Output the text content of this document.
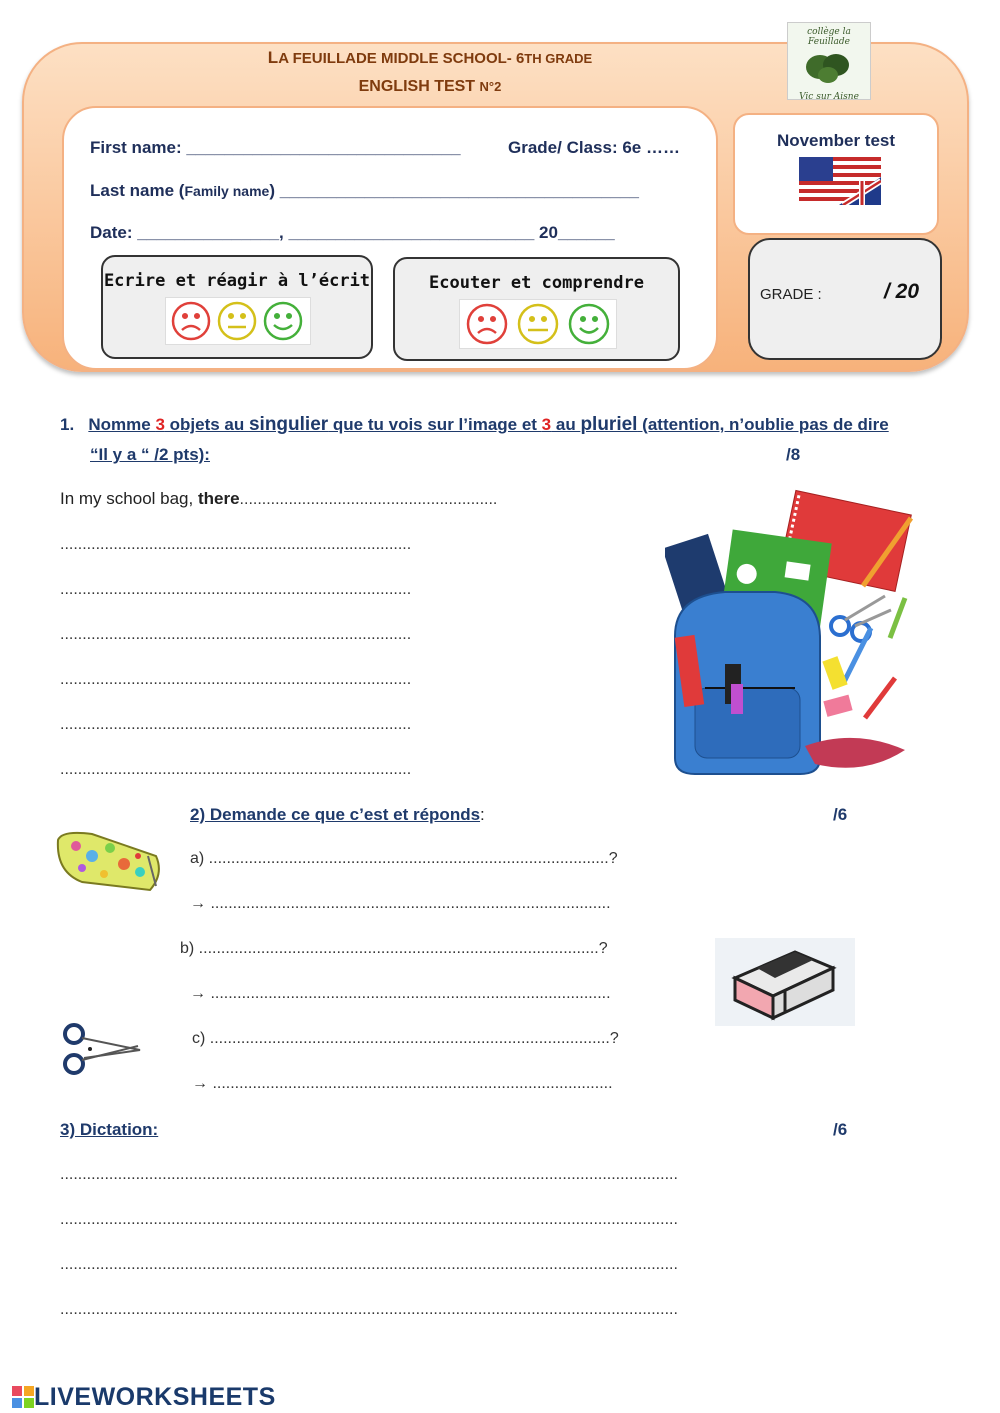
LA FEUILLADE MIDDLE SCHOOL- 6TH GRADE
ENGLISH TEST N°2
collège la Feuillade
Vic sur Aisne
First name: _____________________________	Grade/ Class: 6e ……
Last name (Family name) ______________________________________
Date: _______________, __________________________ 20______
Ecrire et réagir à l’écrit	Ecouter et comprendre
November test
GRADE :	/ 20
1. Nomme 3 objets au singulier que tu vois sur l’image et 3 au pluriel (attention, n’oublie pas de dire
“Il y a “ /2 pts):	/8
In my school bag, there..........................................................
...............................................................................
...............................................................................
...............................................................................
...............................................................................
...............................................................................
...............................................................................
2) Demande ce que c’est et réponds:	/6
a) ..........................................................................................?
→ ..........................................................................................
b) ..........................................................................................?
→ ..........................................................................................
c) ..........................................................................................?
→ ..........................................................................................
3) Dictation:	/6
...........................................................................................................................................
...........................................................................................................................................
...........................................................................................................................................
...........................................................................................................................................
LIVEWORKSHEETS
